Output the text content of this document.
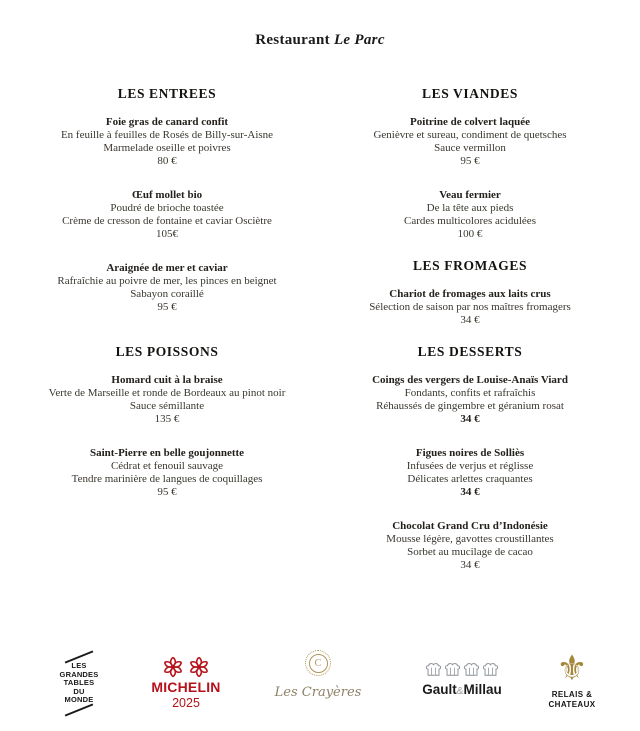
Restaurant Le Parc
LES ENTREES
Foie gras de canard confit
En feuille à feuilles de Rosés de Billy-sur-Aisne
Marmelade oseille et poivres
80 €
Œuf mollet bio
Poudré de brioche toastée
Crème de cresson de fontaine et caviar Osciètre
105€
Araignée de mer et caviar
Rafraîchie au poivre de mer, les pinces en beignet
Sabayon coraillé
95 €
LES POISSONS
Homard cuit à la braise
Verte de Marseille et ronde de Bordeaux au pinot noir
Sauce sémillante
135 €
Saint-Pierre en belle goujonnette
Cédrat et fenouil sauvage
Tendre marinière de langues de coquillages
95 €
LES VIANDES
Poitrine de colvert laquée
Genièvre et sureau, condiment de quetsches
Sauce vermillon
95 €
Veau fermier
De la tête aux pieds
Cardes multicolores acidulées
100 €
LES FROMAGES
Chariot de fromages aux laits crus
Sélection de saison par nos maîtres fromagers
34 €
LES DESSERTS
Coings des vergers de Louise-Anaïs Viard
Fondants, confits et rafraîchis
Réhaussés de gingembre et géranium rosat
34 €
Figues noires de Solliès
Infusées de verjus et réglisse
Délicates arlettes craquantes
34 €
Chocolat Grand Cru d’Indonésie
Mousse légère, gavottes croustillantes
Sorbet au mucilage de cacao
34 €
LES
GRANDES
TABLES
DU
MONDE
MICHELIN
2025
C
Les Crayères	Gault&Millau
⚜
RELAIS &
CHATEAUX
